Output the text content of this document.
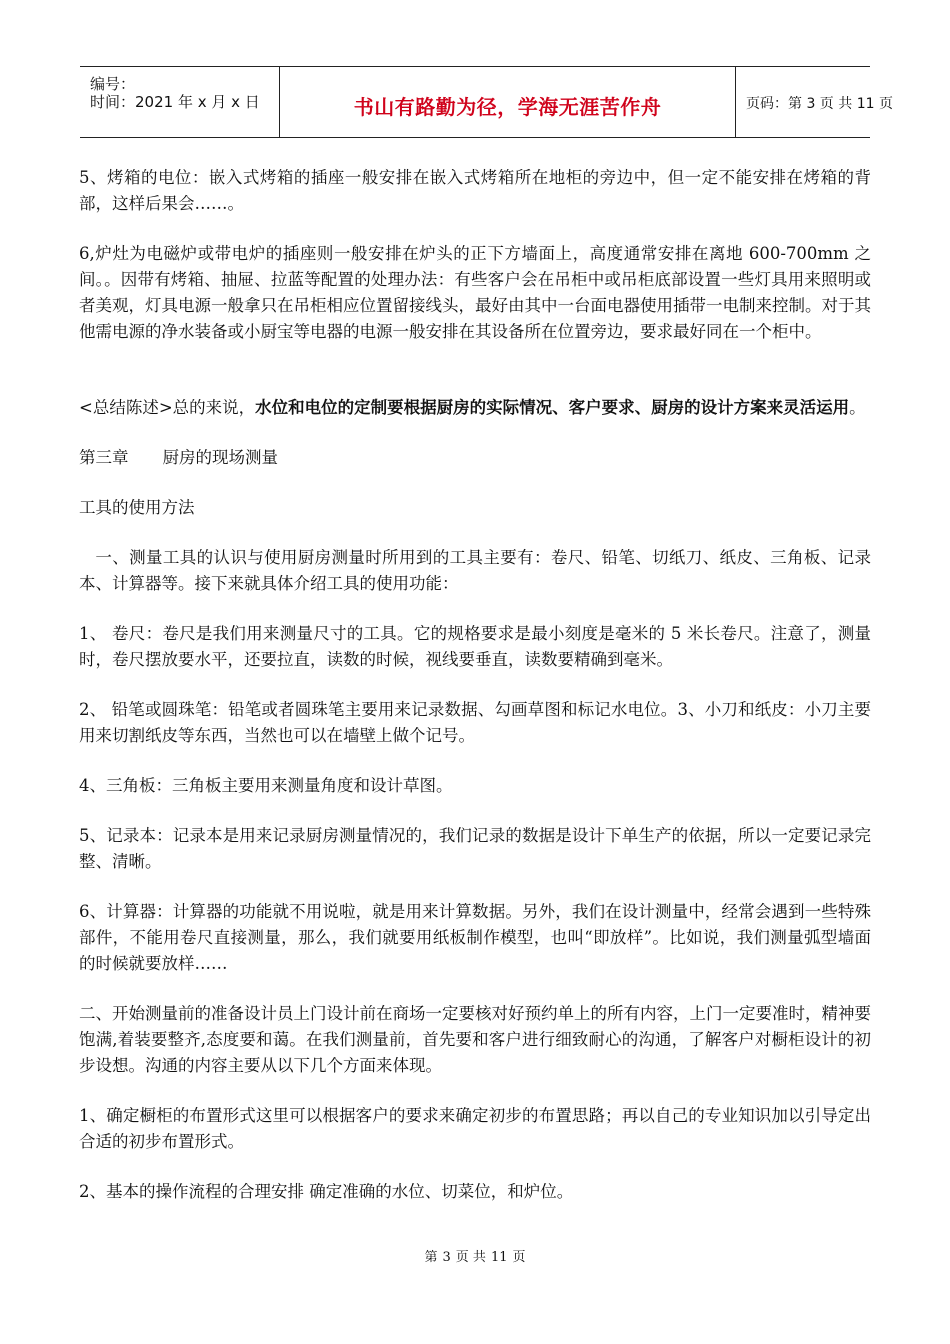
编号：
时间：2021 年 x 月 x 日	书山有路勤为径，学海无涯苦作舟	页码：第 3 页 共 11 页

5、烤箱的电位：嵌入式烤箱的插座一般安排在嵌入式烤箱所在地柜的旁边中，但一定不能安排在烤箱的背部，这样后果会……。

6,炉灶为电磁炉或带电炉的插座则一般安排在炉头的正下方墙面上，高度通常安排在离地 600-700mm 之间。。因带有烤箱、抽屉、拉蓝等配置的处理办法：有些客户会在吊柜中或吊柜底部设置一些灯具用来照明或者美观，灯具电源一般拿只在吊柜相应位置留接线头，最好由其中一台面电器使用插带一电制来控制。对于其他需电源的净水装备或小厨宝等电器的电源一般安排在其设备所在位置旁边，要求最好同在一个柜中。

<总结陈述>总的来说，水位和电位的定制要根据厨房的实际情况、客户要求、厨房的设计方案来灵活运用。

第三章 厨房的现场测量

工具的使用方法

一、测量工具的认识与使用厨房测量时所用到的工具主要有：卷尺、铅笔、切纸刀、纸皮、三角板、记录本、计算器等。接下来就具体介绍工具的使用功能：

1、 卷尺：卷尺是我们用来测量尺寸的工具。它的规格要求是最小刻度是毫米的 5 米长卷尺。注意了，测量时，卷尺摆放要水平，还要拉直，读数的时候，视线要垂直，读数要精确到毫米。

2、 铅笔或圆珠笔：铅笔或者圆珠笔主要用来记录数据、勾画草图和标记水电位。3、小刀和纸皮：小刀主要用来切割纸皮等东西，当然也可以在墙壁上做个记号。

4、三角板：三角板主要用来测量角度和设计草图。

5、记录本：记录本是用来记录厨房测量情况的，我们记录的数据是设计下单生产的依据，所以一定要记录完整、清晰。

6、计算器：计算器的功能就不用说啦，就是用来计算数据。另外，我们在设计测量中，经常会遇到一些特殊部件，不能用卷尺直接测量，那么，我们就要用纸板制作模型，也叫“即放样”。比如说，我们测量弧型墙面的时候就要放样……

二、开始测量前的准备设计员上门设计前在商场一定要核对好预约单上的所有内容，上门一定要准时，精神要饱满,着装要整齐,态度要和蔼。在我们测量前，首先要和客户进行细致耐心的沟通，了解客户对橱柜设计的初步设想。沟通的内容主要从以下几个方面来体现。

1、确定橱柜的布置形式这里可以根据客户的要求来确定初步的布置思路；再以自己的专业知识加以引导定出合适的初步布置形式。

2、基本的操作流程的合理安排 确定准确的水位、切菜位，和炉位。

第 3 页 共 11 页
